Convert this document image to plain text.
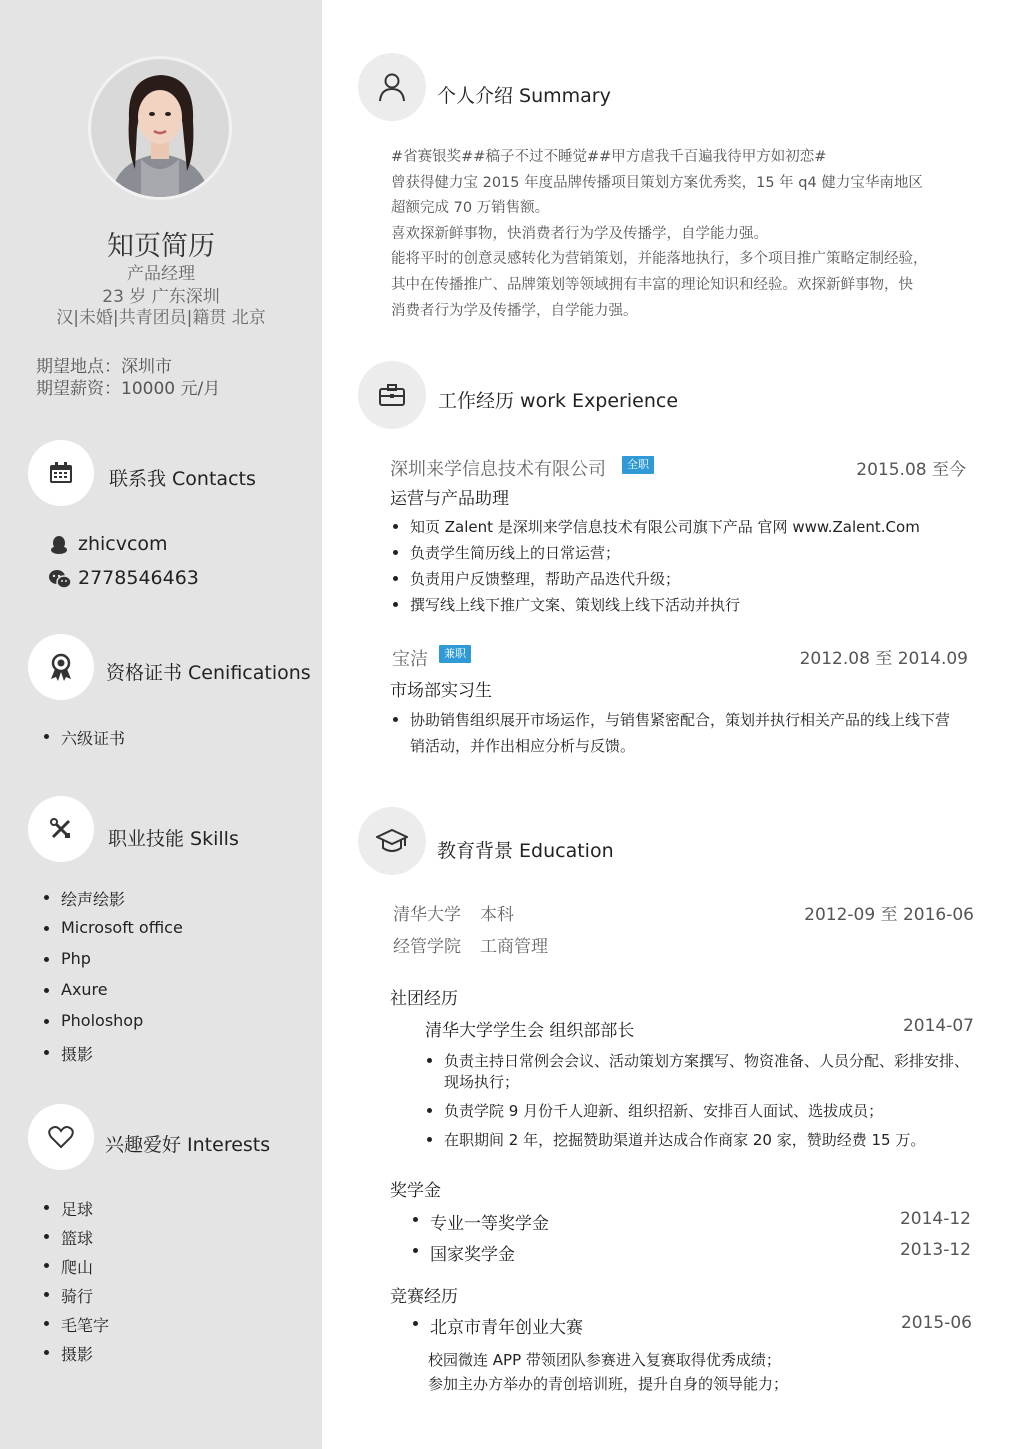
知页简历
产品经理
23 岁 广东深圳
汉|未婚|共青团员|籍贯 北京
期望地点：深圳市
期望薪资：10000 元/月
联系我 Contacts
zhicvcom
2778546463
资格证书 Cenifications
六级证书
职业技能 Skills
绘声绘影
Microsoft office
Php
Axure
Pholoshop
摄影
兴趣爱好 Interests
足球
篮球
爬山
骑行
毛笔字
摄影
个人介绍 Summary

#省赛银奖##稿子不过不睡觉##甲方虐我千百遍我待甲方如初恋#

曾获得健力宝 2015 年度品牌传播项目策划方案优秀奖，15 年 q4 健力宝华南地区

超额完成 70 万销售额。

喜欢探新鲜事物，快消费者行为学及传播学，自学能力强。

能将平时的创意灵感转化为营销策划，并能落地执行，多个项目推广策略定制经验，

其中在传播推广、品牌策划等领域拥有丰富的理论知识和经验。欢探新鲜事物，快

消费者行为学及传播学，自学能力强。

工作经历 work Experience
深圳来学信息技术有限公司	全职	2015.08 至今
运营与产品助理
知页 Zalent 是深圳来学信息技术有限公司旗下产品 官网 www.Zalent.Com
负责学生简历线上的日常运营；
负责用户反馈整理，帮助产品迭代升级；
撰写线上线下推广文案、策划线上线下活动并执行
宝洁	兼职	2012.08 至 2014.09
市场部实习生
协助销售组织展开市场运作，与销售紧密配合，策划并执行相关产品的线上线下营
销活动，并作出相应分析与反馈。
教育背景 Education
清华大学 本科	2012-09 至 2016-06
经管学院 工商管理
社团经历
清华大学学生会 组织部部长	2014-07
负责主持日常例会会议、活动策划方案撰写、物资准备、人员分配、彩排安排、
现场执行；
负责学院 9 月份千人迎新、组织招新、安排百人面试、选拔成员；
在职期间 2 年，挖掘赞助渠道并达成合作商家 20 家，赞助经费 15 万。
奖学金
专业一等奖学金	2014-12
国家奖学金	2013-12
竞赛经历
北京市青年创业大赛	2015-06
校园微连 APP 带领团队参赛进入复赛取得优秀成绩；
参加主办方举办的青创培训班，提升自身的领导能力；
